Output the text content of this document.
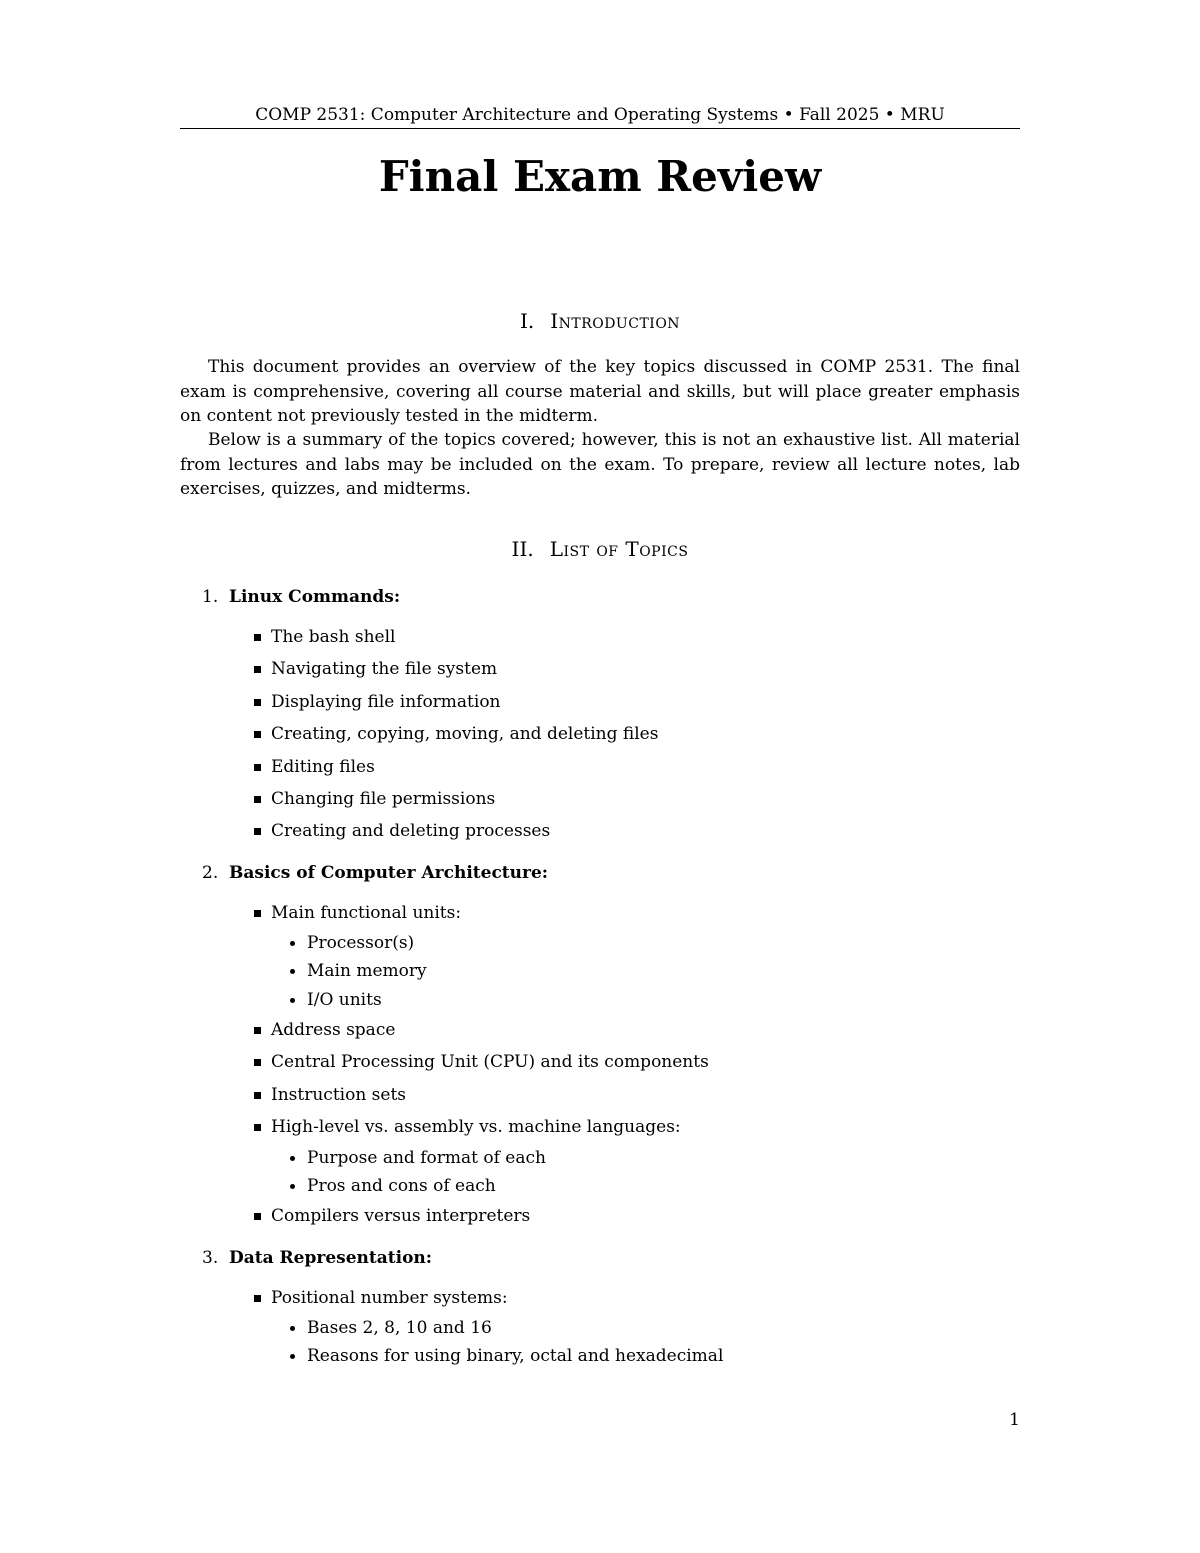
COMP 2531: Computer Architecture and Operating Systems • Fall 2025 • MRU
Final Exam Review
I. Introduction

This document provides an overview of the key topics discussed in COMP 2531. The final exam is comprehensive, covering all course material and skills, but will place greater emphasis on content not previously tested in the midterm.

Below is a summary of the topics covered; however, this is not an exhaustive list. All material from lectures and labs may be included on the exam. To prepare, review all lecture notes, lab exercises, quizzes, and midterms.

II. List of Topics
1. Linux Commands:
The bash shell
Navigating the file system
Displaying file information
Creating, copying, moving, and deleting files
Editing files
Changing file permissions
Creating and deleting processes
2. Basics of Computer Architecture:
Main functional units:
Processor(s)
Main memory
I/O units
Address space
Central Processing Unit (CPU) and its components
Instruction sets
High-level vs. assembly vs. machine languages:
Purpose and format of each
Pros and cons of each
Compilers versus interpreters
3. Data Representation:
Positional number systems:
Bases 2, 8, 10 and 16
Reasons for using binary, octal and hexadecimal
1
